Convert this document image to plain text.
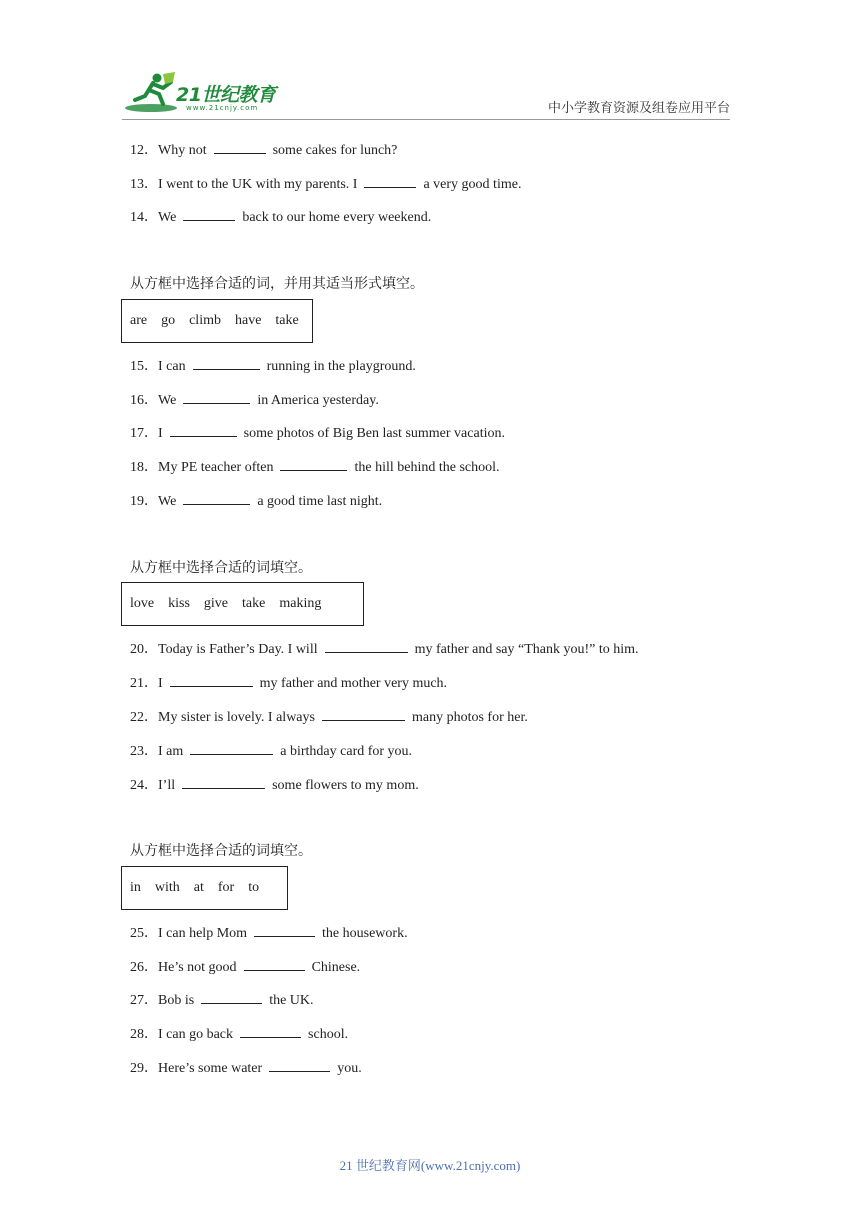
21世纪教育
www.21cnjy.com	中小学教育资源及组卷应用平台
12．Why not	some cakes for lunch?
13．I went to the UK with my parents. I	a very good time.
14．We	back to our home every weekend.
从方框中选择合适的词，并用其适当形式填空。
are go climb have take
15．I can	running in the playground.
16．We	in America yesterday.
17．I	some photos of Big Ben last summer vacation.
18．My PE teacher often	the hill behind the school.
19．We	a good time last night.
从方框中选择合适的词填空。
love kiss give take making
20．Today is Father’s Day. I will	my father and say “Thank you!” to him.
21．I	my father and mother very much.
22．My sister is lovely. I always	many photos for her.
23．I am	a birthday card for you.
24．I’ll	some flowers to my mom.
从方框中选择合适的词填空。
in with at for to
25．I can help Mom	the housework.
26．He’s not good	Chinese.
27．Bob is	the UK.
28．I can go back	school.
29．Here’s some water	you.
21 世纪教育网(www.21cnjy.com)
